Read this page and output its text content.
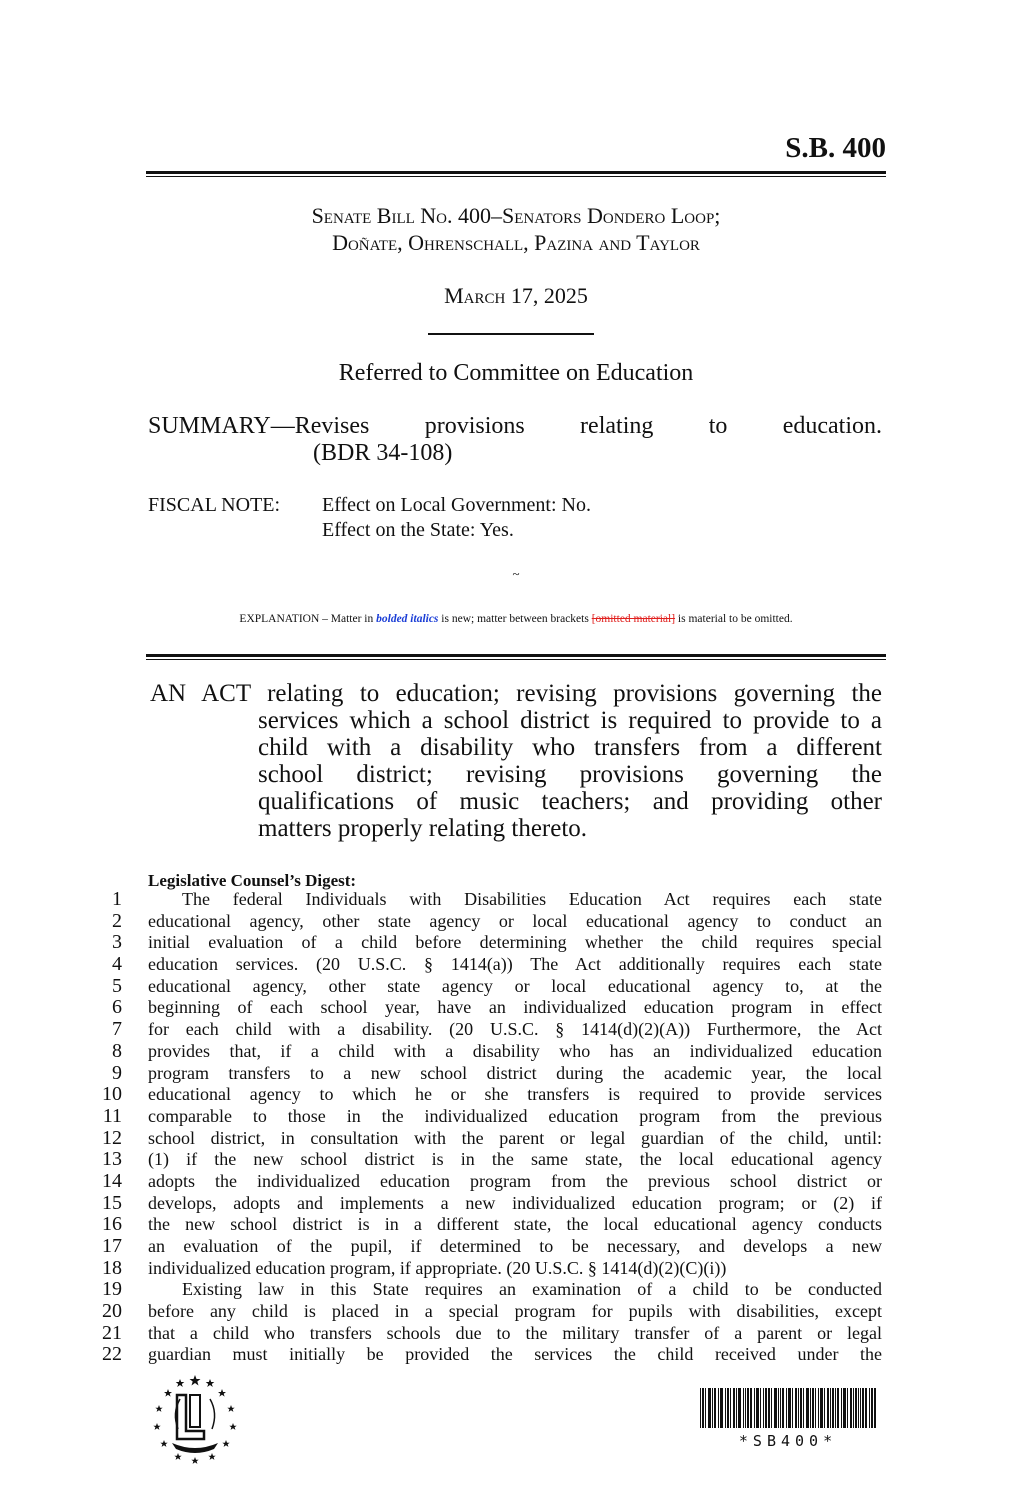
S.B. 400
Senate Bill No. 400–Senators Dondero Loop;
Doñate, Ohrenschall, Pazina and Taylor
March 17, 2025
Referred to Committee on Education
SUMMARY—Revises provisions relating to education.
(BDR 34-108)
FISCAL NOTE: Effect on Local Government: No.
Effect on the State: Yes.
~
EXPLANATION – Matter in bolded italics is new; matter between brackets [omitted material] is material to be omitted.
AN ACT relating to education; revising provisions governing the
services which a school district is required to provide to a
child with a disability who transfers from a different
school district; revising provisions governing the
qualifications of music teachers; and providing other
matters properly relating thereto.
Legislative Counsel’s Digest:
1	The federal Individuals with Disabilities Education Act requires each state
2 educational agency, other state agency or local educational agency to conduct an
3 initial evaluation of a child before determining whether the child requires special
4 education services. (20 U.S.C. § 1414(a)) The Act additionally requires each state
5 educational agency, other state agency or local educational agency to, at the
6 beginning of each school year, have an individualized education program in effect
7 for each child with a disability. (20 U.S.C. § 1414(d)(2)(A)) Furthermore, the Act
8 provides that, if a child with a disability who has an individualized education
9 program transfers to a new school district during the academic year, the local
10 educational agency to which he or she transfers is required to provide services
11 comparable to those in the individualized education program from the previous
12 school district, in consultation with the parent or legal guardian of the child, until:
13 (1) if the new school district is in the same state, the local educational agency
14 adopts the individualized education program from the previous school district or
15 develops, adopts and implements a new individualized education program; or (2) if
16 the new school district is in a different state, the local educational agency conducts
17 an evaluation of the pupil, if determined to be necessary, and develops a new
18 individualized education program, if appropriate. (20 U.S.C. § 1414(d)(2)(C)(i))
19	Existing law in this State requires an examination of a child to be conducted
20 before any child is placed in a special program for pupils with disabilities, except
21 that a child who transfers schools due to the military transfer of a parent or legal
22 guardian must initially be provided the services the child received under the
*SB400*
